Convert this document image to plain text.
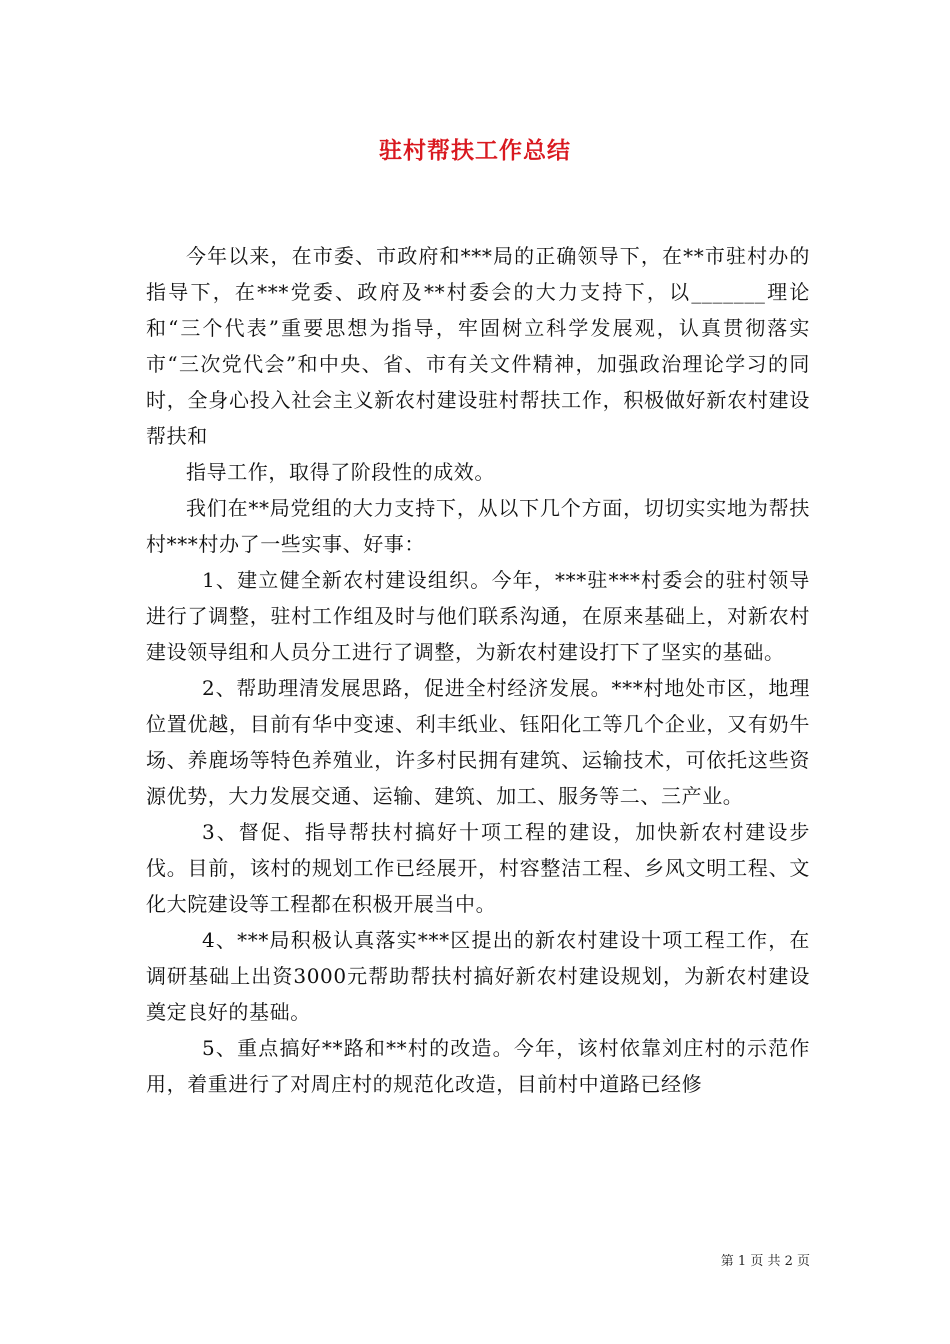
驻村帮扶工作总结

今年以来，在市委、市政府和***局的正确领导下，在**市驻村办的指导下，在***党委、政府及**村委会的大力支持下，以_______理论和“三个代表”重要思想为指导，牢固树立科学发展观，认真贯彻落实市“三次党代会”和中央、省、市有关文件精神，加强政治理论学习的同时，全身心投入社会主义新农村建设驻村帮扶工作，积极做好新农村建设帮扶和

指导工作，取得了阶段性的成效。

我们在**局党组的大力支持下，从以下几个方面，切切实实地为帮扶村***村办了一些实事、好事：

1、建立健全新农村建设组织。今年，***驻***村委会的驻村领导进行了调整，驻村工作组及时与他们联系沟通，在原来基础上，对新农村建设领导组和人员分工进行了调整，为新农村建设打下了坚实的基础。

2、帮助理清发展思路，促进全村经济发展。***村地处市区，地理位置优越，目前有华中变速、利丰纸业、钰阳化工等几个企业，又有奶牛场、养鹿场等特色养殖业，许多村民拥有建筑、运输技术，可依托这些资源优势，大力发展交通、运输、建筑、加工、服务等二、三产业。

3、督促、指导帮扶村搞好十项工程的建设，加快新农村建设步伐。目前，该村的规划工作已经展开，村容整洁工程、乡风文明工程、文化大院建设等工程都在积极开展当中。

4、***局积极认真落实***区提出的新农村建设十项工程工作，在调研基础上出资3000元帮助帮扶村搞好新农村建设规划，为新农村建设奠定良好的基础。

5、重点搞好**路和**村的改造。今年，该村依靠刘庄村的示范作用，着重进行了对周庄村的规范化改造，目前村中道路已经修

第 1 页 共 2 页
